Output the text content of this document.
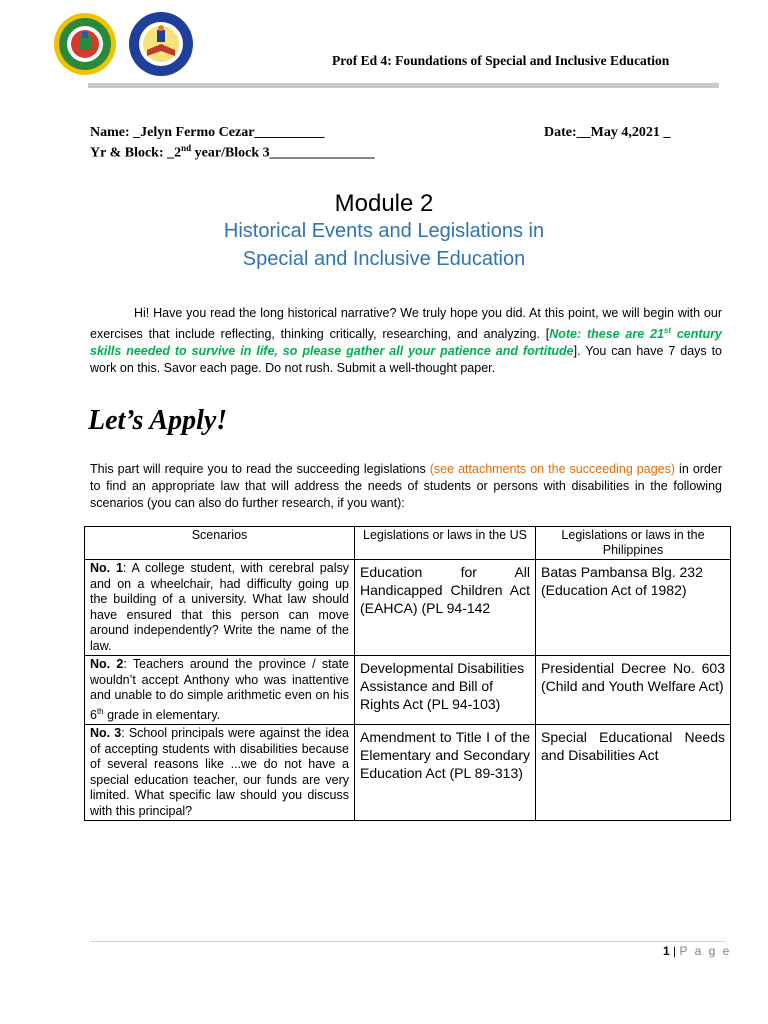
Prof Ed 4: Foundations of Special and Inclusive Education
Name: _Jelyn Fermo Cezar__________	Date:__May 4,2021 _
Yr & Block: _2nd year/Block 3_______________
Module 2
Historical Events and Legislations in
Special and Inclusive Education
Hi! Have you read the long historical narrative? We truly hope you did. At this point, we will begin with our exercises that include reflecting, thinking critically, researching, and analyzing. [Note: these are 21st century skills needed to survive in life, so please gather all your patience and fortitude]. You can have 7 days to work on this. Savor each page. Do not rush. Submit a well-thought paper.
Let’s Apply!
This part will require you to read the succeeding legislations (see attachments on the succeeding pages) in order to find an appropriate law that will address the needs of students or persons with disabilities in the following scenarios (you can also do further research, if you want):
Scenarios	Legislations or laws in the US	Legislations or laws in the Philippines
No. 1: A college student, with cerebral palsy and on a wheelchair, had difficulty going up the building of a university. What law should have ensured that this person can move around independently? Write the name of the law.	Education for All Handicapped Children Act (EAHCA) (PL 94-142	Batas Pambansa Blg. 232 (Education Act of 1982)
No. 2: Teachers around the province / state wouldn’t accept Anthony who was inattentive and unable to do simple arithmetic even on his 6th grade in elementary.	Developmental Disabilities Assistance and Bill of Rights Act (PL 94-103)	Presidential Decree No. 603 (Child and Youth Welfare Act)
No. 3: School principals were against the idea of accepting students with disabilities because of several reasons like ...we do not have a special education teacher, our funds are very limited. What specific law should you discuss with this principal?	Amendment to Title I of the Elementary and Secondary Education Act (PL 89-313)	Special Educational Needs and Disabilities Act
1 | P a g e
